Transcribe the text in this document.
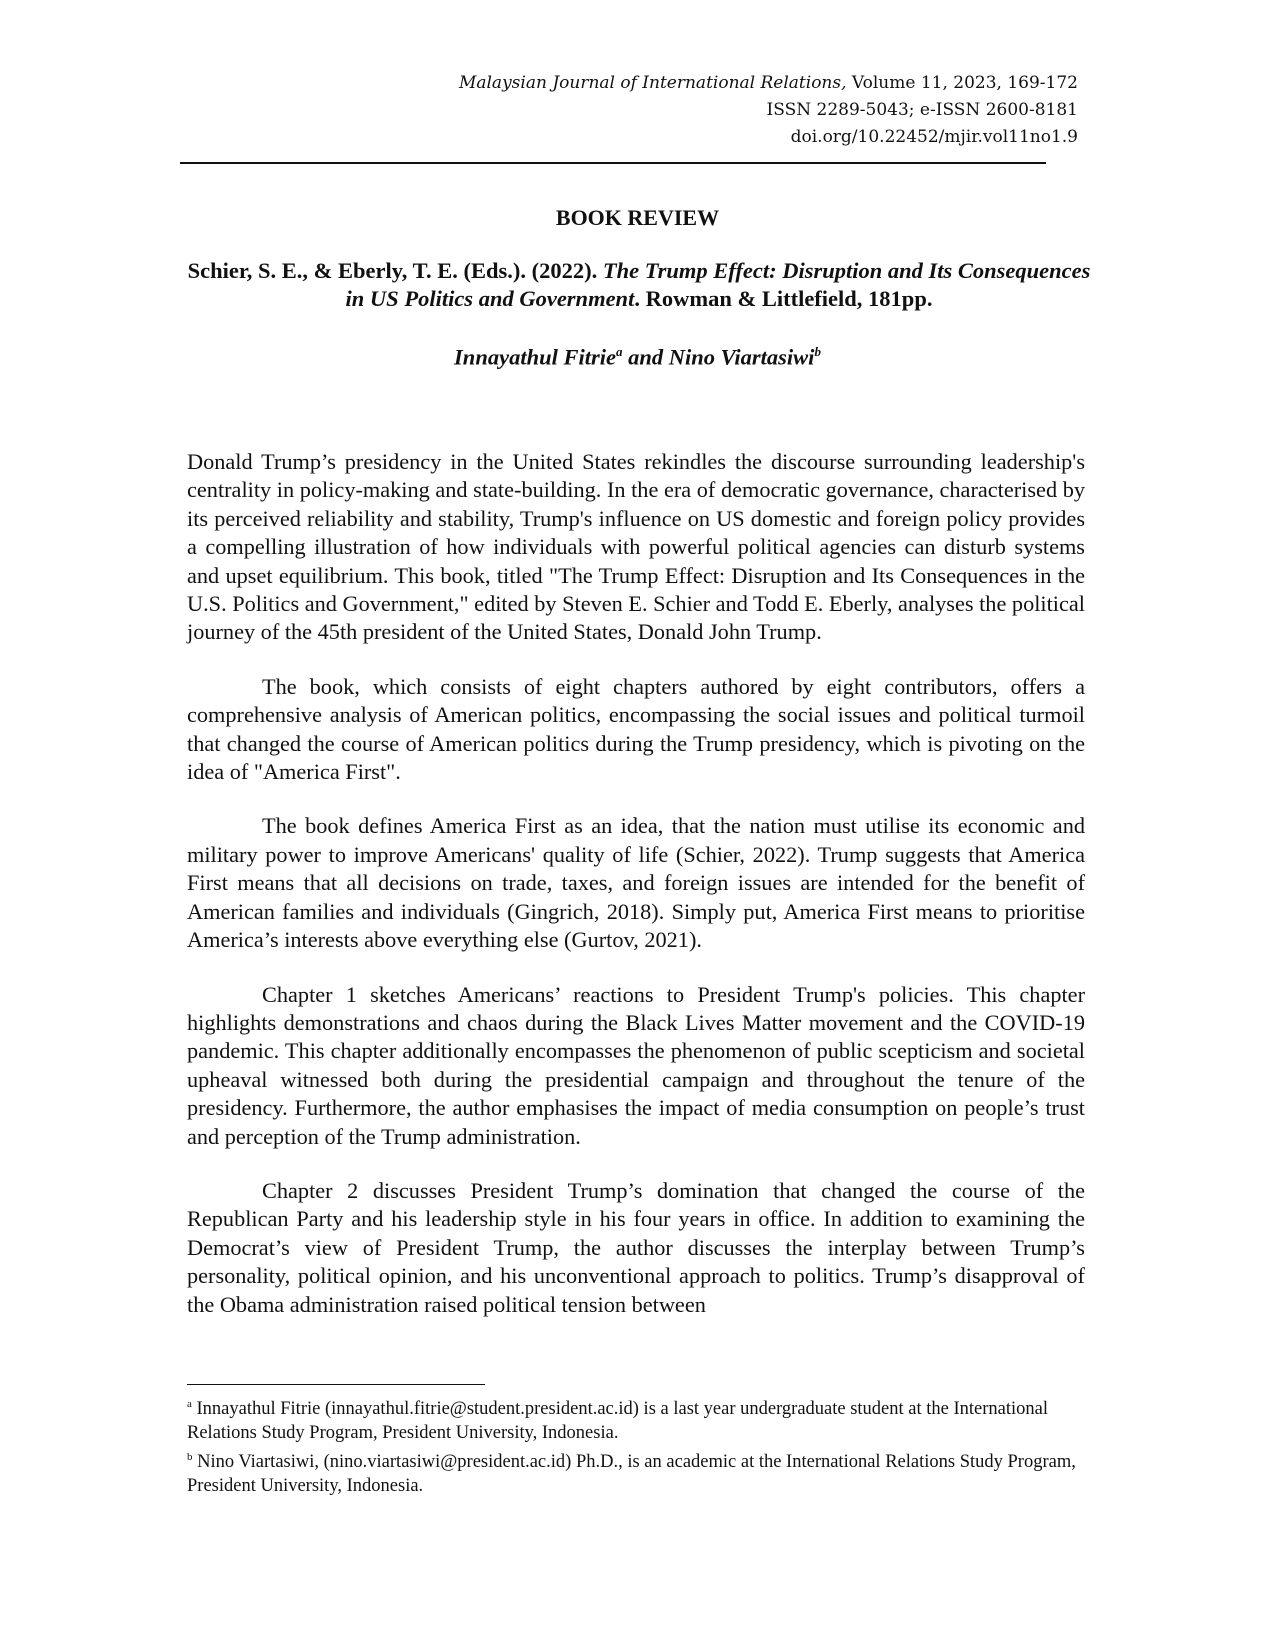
Malaysian Journal of International Relations, Volume 11, 2023, 169-172
ISSN 2289-5043; e-ISSN 2600-8181
doi.org/10.22452/mjir.vol11no1.9
BOOK REVIEW
Schier, S. E., & Eberly, T. E. (Eds.). (2022). The Trump Effect: Disruption and Its Consequences in US Politics and Government. Rowman & Littlefield, 181pp.
Innayathul Fitrie$^a$ and Nino Viartasiwi$^b$

Donald Trump’s presidency in the United States rekindles the discourse surrounding leadership's centrality in policy-making and state-building. In the era of democratic governance, characterised by its perceived reliability and stability, Trump's influence on US domestic and foreign policy provides a compelling illustration of how individuals with powerful political agencies can disturb systems and upset equilibrium. This book, titled "The Trump Effect: Disruption and Its Consequences in the U.S. Politics and Government," edited by Steven E. Schier and Todd E. Eberly, analyses the political journey of the 45th president of the United States, Donald John Trump.

The book, which consists of eight chapters authored by eight contributors, offers a comprehensive analysis of American politics, encompassing the social issues and political turmoil that changed the course of American politics during the Trump presidency, which is pivoting on the idea of "America First".

The book defines America First as an idea, that the nation must utilise its economic and military power to improve Americans' quality of life (Schier, 2022). Trump suggests that America First means that all decisions on trade, taxes, and foreign issues are intended for the benefit of American families and individuals (Gingrich, 2018). Simply put, America First means to prioritise America’s interests above everything else (Gurtov, 2021).

Chapter 1 sketches Americans’ reactions to President Trump's policies. This chapter highlights demonstrations and chaos during the Black Lives Matter movement and the COVID-19 pandemic. This chapter additionally encompasses the phenomenon of public scepticism and societal upheaval witnessed both during the presidential campaign and throughout the tenure of the presidency. Furthermore, the author emphasises the impact of media consumption on people’s trust and perception of the Trump administration.

Chapter 2 discusses President Trump’s domination that changed the course of the Republican Party and his leadership style in his four years in office. In addition to examining the Democrat’s view of President Trump, the author discusses the interplay between Trump’s personality, political opinion, and his unconventional approach to politics. Trump’s disapproval of the Obama administration raised political tension between

$^a$ Innayathul Fitrie (innayathul.fitrie@student.president.ac.id) is a last year undergraduate student at the International Relations Study Program, President University, Indonesia.

$^b$ Nino Viartasiwi, (nino.viartasiwi@president.ac.id) Ph.D., is an academic at the International Relations Study Program, President University, Indonesia.
